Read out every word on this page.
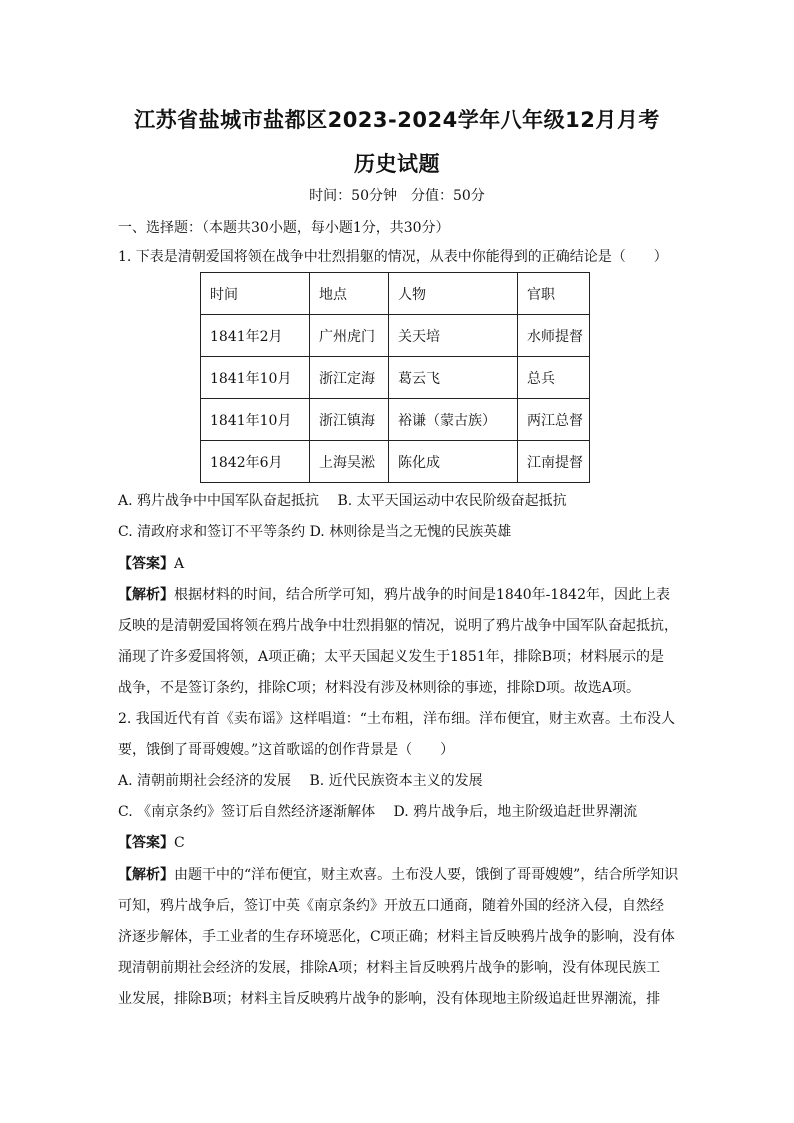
江苏省盐城市盐都区2023-2024学年八年级12月月考
历史试题
时间：50分钟　分值：50分
一、选择题：（本题共30小题，每小题1分，共30分）
1. 下表是清朝爱国将领在战争中壮烈捐躯的情况，从表中你能得到的正确结论是（　　）
时间	地点	人物	官职
1841年2月	广州虎门	关天培	水师提督
1841年10月	浙江定海	葛云飞	总兵
1841年10月	浙江镇海	裕谦（蒙古族）	两江总督
1842年6月	上海吴淞	陈化成	江南提督
A. 鸦片战争中中国军队奋起抵抗　 B. 太平天国运动中农民阶级奋起抵抗
C. 清政府求和签订不平等条约 D. 林则徐是当之无愧的民族英雄
【答案】A
【解析】根据材料的时间，结合所学可知，鸦片战争的时间是1840年-1842年，因此上表
反映的是清朝爱国将领在鸦片战争中壮烈捐躯的情况，说明了鸦片战争中国军队奋起抵抗，
涌现了许多爱国将领，A项正确；太平天国起义发生于1851年，排除B项；材料展示的是
战争，不是签订条约，排除C项；材料没有涉及林则徐的事迹，排除D项。故选A项。
2. 我国近代有首《卖布谣》这样唱道：“土布粗，洋布细。洋布便宜，财主欢喜。土布没人
要，饿倒了哥哥嫂嫂。”这首歌谣的创作背景是（　　）
A. 清朝前期社会经济的发展　 B. 近代民族资本主义的发展
C. 《南京条约》签订后自然经济逐渐解体　 D. 鸦片战争后，地主阶级追赶世界潮流
【答案】C
【解析】由题干中的“洋布便宜，财主欢喜。土布没人要，饿倒了哥哥嫂嫂”，结合所学知识
可知，鸦片战争后，签订中英《南京条约》开放五口通商，随着外国的经济入侵，自然经
济逐步解体，手工业者的生存环境恶化，C项正确；材料主旨反映鸦片战争的影响，没有体
现清朝前期社会经济的发展，排除A项；材料主旨反映鸦片战争的影响，没有体现民族工
业发展，排除B项；材料主旨反映鸦片战争的影响，没有体现地主阶级追赶世界潮流，排
